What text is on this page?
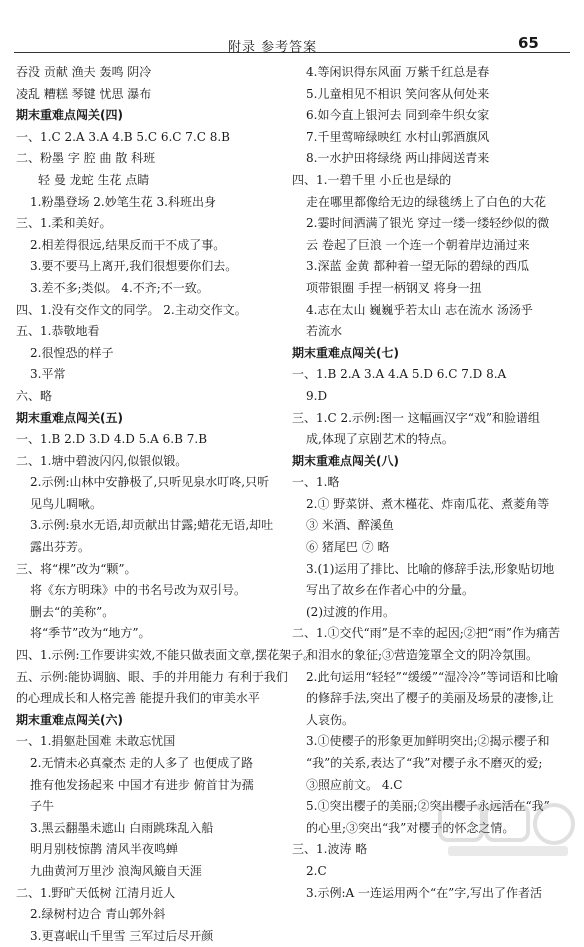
附录 参考答案	65
吞没 贡献 渔夫 轰鸣 阴冷
凌乱 糟糕 琴键 忧思 瀑布
期末重难点闯关(四)
一、1.C 2.A 3.A 4.B 5.C 6.C 7.C 8.B
二、粉墨 字 腔 曲 散 科班
轻 曼 龙蛇 生花 点睛
1.粉墨登场 2.妙笔生花 3.科班出身
三、1.柔和美好。
2.相差得很远,结果反而干不成了事。
3.要不要马上离开,我们很想要你们去。
3.差不多;类似。 4.不齐;不一致。
四、1.没有交作文的同学。 2.主动交作文。
五、1.恭敬地看
2.很惶恐的样子
3.平常
六、略
期末重难点闯关(五)
一、1.B 2.D 3.D 4.D 5.A 6.B 7.B
二、1.塘中碧波闪闪,似银似锻。
2.示例:山林中安静极了,只听见泉水叮咚,只听
见鸟儿啁啾。
3.示例:泉水无语,却贡献出甘露;蜡花无语,却吐
露出芬芳。
三、将“棵”改为“颗”。
将《东方明珠》中的书名号改为双引号。
删去“的美称”。
将“季节”改为“地方”。
四、1.示例:工作要讲实效,不能只做表面文章,摆花架子。
五、示例:能协调脑、眼、手的并用能力 有利于我们
的心理成长和人格完善 能提升我们的审美水平
期末重难点闯关(六)
一、1.捐躯赴国难 未敢忘忧国
2.无情未必真豪杰 走的人多了 也便成了路
推有他发扬起来 中国才有进步 俯首甘为孺
子牛
3.黑云翻墨未遮山 白雨跳珠乱入船
明月别枝惊鹊 清风半夜鸣蝉
九曲黄河万里沙 浪淘风簸自天涯
二、1.野旷天低树 江清月近人
2.绿树村边合 青山郭外斜
3.更喜岷山千里雪 三军过后尽开颜
4.等闲识得东风面 万紫千红总是春
5.儿童相见不相识 笑问客从何处来
6.如今直上银河去 同到牵牛织女家
7.千里莺啼绿映红 水村山郭酒旗风
8.一水护田将绿绕 两山排闼送青来
四、1.一碧千里 小丘也是绿的
走在哪里都像给无边的绿毯绣上了白色的大花
2.霎时间洒满了银光 穿过一缕一缕轻纱似的微
云 卷起了巨浪 一个连一个朝着岸边涌过来
3.深蓝 金黄 都种着一望无际的碧绿的西瓜
项带银圈 手捏一柄钢叉 将身一扭
4.志在太山 巍巍乎若太山 志在流水 汤汤乎
若流水
期末重难点闯关(七)
一、1.B 2.A 3.A 4.A 5.D 6.C 7.D 8.A
9.D
三、1.C 2.示例:图一 这幅画汉字“戏”和脸谱组
成,体现了京剧艺术的特点。
期末重难点闯关(八)
一、1.略
2.① 野菜饼、煮木槿花、炸南瓜花、煮菱角等
③ 米酒、醉溪鱼
⑥ 猪尾巴 ⑦ 略
3.(1)运用了排比、比喻的修辞手法,形象贴切地
写出了故乡在作者心中的分量。
(2)过渡的作用。
二、1.①交代“雨”是不幸的起因;②把“雨”作为痛苦
和泪水的象征;③营造笼罩全文的阴冷氛围。
2.此句运用“轻轻”“缓缓”“湿冷冷”等词语和比喻
的修辞手法,突出了樱子的美丽及场景的凄惨,让
人哀伤。
3.①使樱子的形象更加鲜明突出;②揭示樱子和
“我”的关系,表达了“我”对樱子永不磨灭的爱;
③照应前文。 4.C
5.①突出樱子的美丽;②突出樱子永远活在“我”
的心里;③突出“我”对樱子的怀念之情。
三、1.波涛 略
2.C
3.示例:A 一连运用两个“在”字,写出了作者活
